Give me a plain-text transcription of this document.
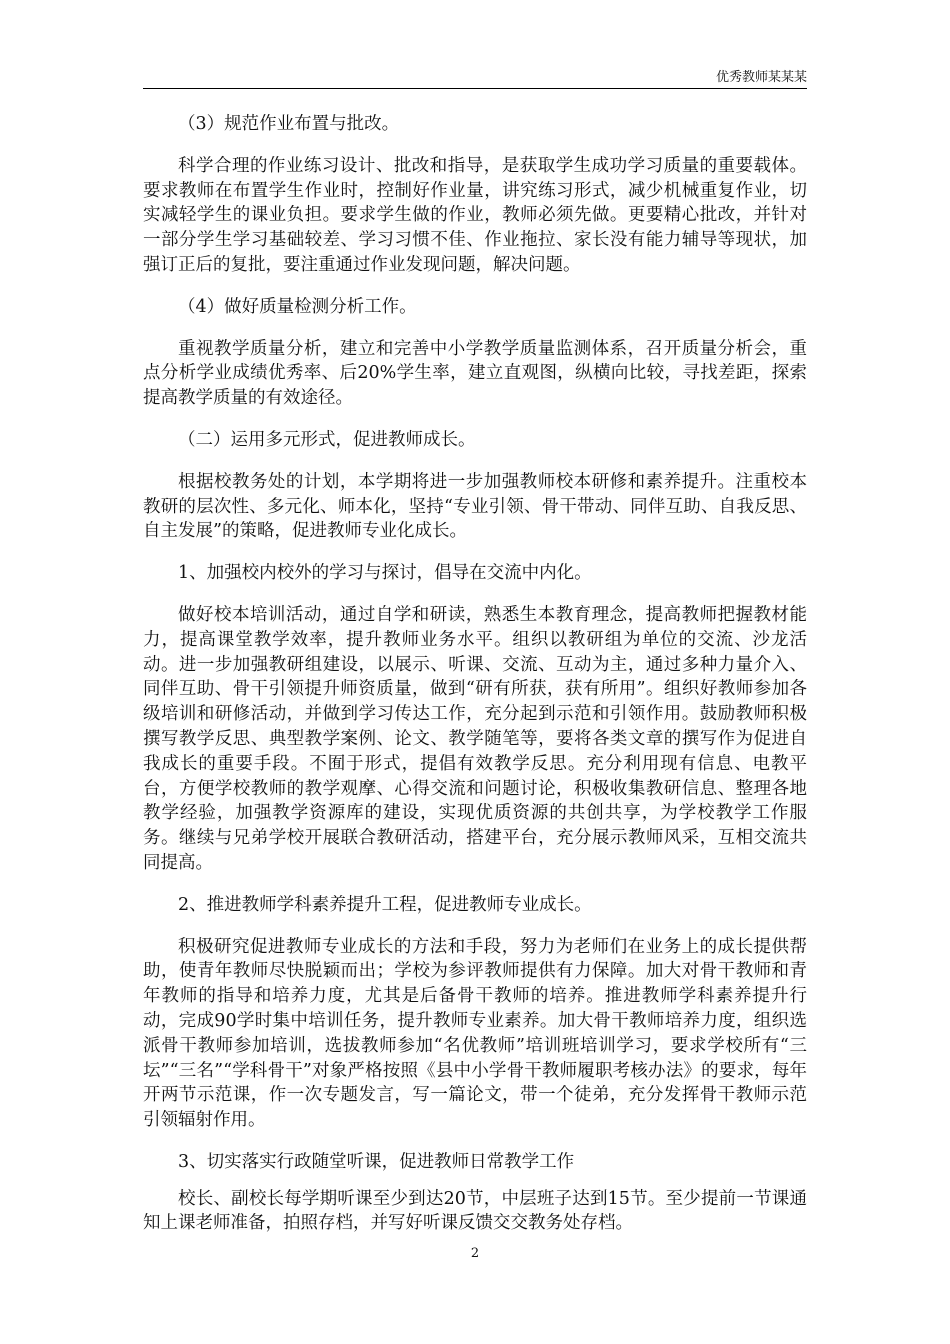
优秀教师某某某

（3）规范作业布置与批改。

科学合理的作业练习设计、批改和指导，是获取学生成功学习质量的重要载体。要求教师在布置学生作业时，控制好作业量，讲究练习形式，减少机械重复作业，切实减轻学生的课业负担。要求学生做的作业，教师必须先做。更要精心批改，并针对一部分学生学习基础较差、学习习惯不佳、作业拖拉、家长没有能力辅导等现状，加强订正后的复批，要注重通过作业发现问题，解决问题。

（4）做好质量检测分析工作。

重视教学质量分析，建立和完善中小学教学质量监测体系，召开质量分析会，重点分析学业成绩优秀率、后20%学生率，建立直观图，纵横向比较，寻找差距，探索提高教学质量的有效途径。

（二）运用多元形式，促进教师成长。

根据校教务处的计划，本学期将进一步加强教师校本研修和素养提升。注重校本教研的层次性、多元化、师本化，坚持“专业引领、骨干带动、同伴互助、自我反思、自主发展”的策略，促进教师专业化成长。

1、加强校内校外的学习与探讨，倡导在交流中内化。

做好校本培训活动，通过自学和研读，熟悉生本教育理念，提高教师把握教材能力，提高课堂教学效率，提升教师业务水平。组织以教研组为单位的交流、沙龙活动。进一步加强教研组建设，以展示、听课、交流、互动为主，通过多种力量介入、同伴互助、骨干引领提升师资质量，做到“研有所获，获有所用”。组织好教师参加各级培训和研修活动，并做到学习传达工作，充分起到示范和引领作用。鼓励教师积极撰写教学反思、典型教学案例、论文、教学随笔等，要将各类文章的撰写作为促进自我成长的重要手段。不囿于形式，提倡有效教学反思。充分利用现有信息、电教平台，方便学校教师的教学观摩、心得交流和问题讨论，积极收集教研信息、整理各地教学经验，加强教学资源库的建设，实现优质资源的共创共享，为学校教学工作服务。继续与兄弟学校开展联合教研活动，搭建平台，充分展示教师风采，互相交流共同提高。

2、推进教师学科素养提升工程，促进教师专业成长。

积极研究促进教师专业成长的方法和手段，努力为老师们在业务上的成长提供帮助，使青年教师尽快脱颖而出；学校为参评教师提供有力保障。加大对骨干教师和青年教师的指导和培养力度，尤其是后备骨干教师的培养。推进教师学科素养提升行动，完成90学时集中培训任务，提升教师专业素养。加大骨干教师培养力度，组织选派骨干教师参加培训，选拔教师参加“名优教师”培训班培训学习，要求学校所有“三坛”“三名”“学科骨干”对象严格按照《县中小学骨干教师履职考核办法》的要求，每年开两节示范课，作一次专题发言，写一篇论文，带一个徒弟，充分发挥骨干教师示范引领辐射作用。

3、切实落实行政随堂听课，促进教师日常教学工作

校长、副校长每学期听课至少到达20节，中层班子达到15节。至少提前一节课通知上课老师准备，拍照存档，并写好听课反馈交交教务处存档。

2
